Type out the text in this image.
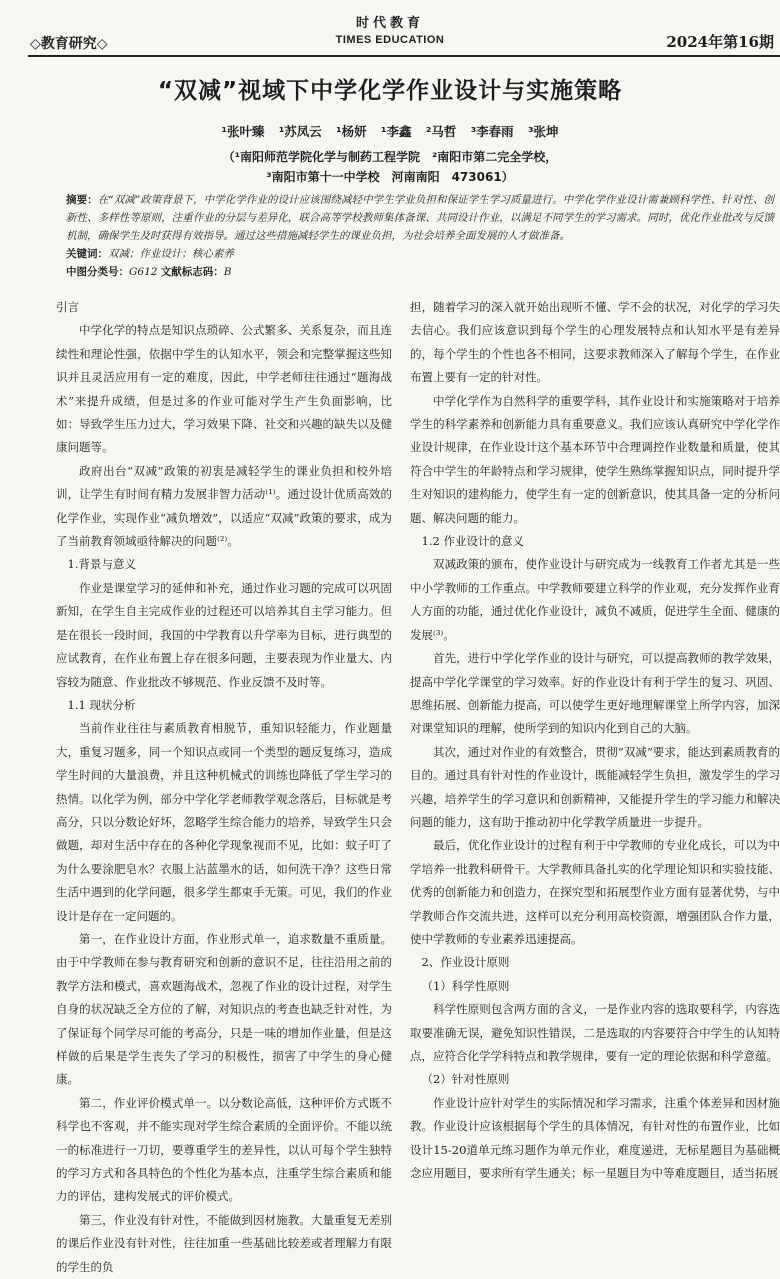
时代教育
TIMES EDUCATION
◇教育研究◇	2024年第16期
“双减”视域下中学化学作业设计与实施策略
¹张叶臻 ¹苏凤云 ¹杨妍 ¹李鑫 ²马哲 ³李春雨 ³张坤
（¹南阳师范学院化学与制药工程学院　²南阳市第二完全学校，
³南阳市第十一中学校　河南南阳　473061）
摘要：在“双减”政策背景下，中学化学作业的设计应该围绕减轻中学生学业负担和保证学生学习质量进行。中学化学作业设计需兼顾科学性、针对性、创新性、多样性等原则，注重作业的分层与差异化，联合高等学校教师集体备课、共同设计作业，以满足不同学生的学习需求。同时，优化作业批改与反馈机制，确保学生及时获得有效指导。通过这些措施减轻学生的课业负担，为社会培养全面发展的人才做准备。
关键词：双减；作业设计；核心素养
中图分类号：G612 文献标志码：B

引言

中学化学的特点是知识点琐碎、公式繁多、关系复杂，而且连续性和理论性强，依据中学生的认知水平，领会和完整掌握这些知识并且灵活应用有一定的难度，因此，中学老师往往通过“题海战术”来提升成绩，但是过多的作业可能对学生产生负面影响，比如：导致学生压力过大，学习效果下降、社交和兴趣的缺失以及健康问题等。

政府出台“双减”政策的初衷是减轻学生的课业负担和校外培训，让学生有时间有精力发展非智力活动⁽¹⁾。通过设计优质高效的化学作业，实现作业“减负增效”，以适应“双减”政策的要求，成为了当前教育领域亟待解决的问题⁽²⁾。

1.背景与意义

作业是课堂学习的延伸和补充，通过作业习题的完成可以巩固新知，在学生自主完成作业的过程还可以培养其自主学习能力。但是在很长一段时间，我国的中学教育以升学率为目标，进行典型的应试教育，在作业布置上存在很多问题，主要表现为作业量大、内容较为随意、作业批改不够规范、作业反馈不及时等。

1.1 现状分析

当前作业往往与素质教育相脱节，重知识轻能力，作业题量大，重复习题多，同一个知识点或同一个类型的题反复练习，造成学生时间的大量浪费，并且这种机械式的训练也降低了学生学习的热情。以化学为例，部分中学化学老师教学观念落后，目标就是考高分，只以分数论好坏，忽略学生综合能力的培养，导致学生只会做题，却对生活中存在的各种化学现象视而不见，比如：蚊子叮了为什么要涂肥皂水？衣服上沾蓝墨水的话，如何洗干净？这些日常生活中遇到的化学问题，很多学生都束手无策。可见，我们的作业设计是存在一定问题的。

第一，在作业设计方面，作业形式单一，追求数量不重质量。由于中学教师在参与教育研究和创新的意识不足，往往沿用之前的教学方法和模式，喜欢题海战术，忽视了作业的设计过程，对学生自身的状况缺乏全方位的了解，对知识点的考查也缺乏针对性，为了保证每个同学尽可能的考高分，只是一味的增加作业量，但是这样做的后果是学生丧失了学习的积极性，损害了中学生的身心健康。

第二，作业评价模式单一。以分数论高低，这种评价方式既不科学也不客观，并不能实现对学生综合素质的全面评价。不能以统一的标准进行一刀切，要尊重学生的差异性，以认可每个学生独特的学习方式和各具特色的个性化为基本点，注重学生综合素质和能力的评估，建构发展式的评价模式。

第三，作业没有针对性，不能做到因材施教。大量重复无差别的课后作业没有针对性，往往加重一些基础比较差或者理解力有限的学生的负

担，随着学习的深入就开始出现听不懂、学不会的状况，对化学的学习失去信心。我们应该意识到每个学生的心理发展特点和认知水平是有差异的，每个学生的个性也各不相同，这要求教师深入了解每个学生，在作业布置上要有一定的针对性。

中学化学作为自然科学的重要学科，其作业设计和实施策略对于培养学生的科学素养和创新能力具有重要意义。我们应该认真研究中学化学作业设计规律，在作业设计这个基本环节中合理调控作业数量和质量，使其符合中学生的年龄特点和学习规律，使学生熟练掌握知识点，同时提升学生对知识的建构能力，使学生有一定的创新意识，使其具备一定的分析问题、解决问题的能力。

1.2 作业设计的意义

双减政策的颁布，使作业设计与研究成为一线教育工作者尤其是一些中小学教师的工作重点。中学教师要建立科学的作业观，充分发挥作业育人方面的功能，通过优化作业设计，减负不减质，促进学生全面、健康的发展⁽³⁾。

首先，进行中学化学作业的设计与研究，可以提高教师的教学效果，提高中学化学课堂的学习效率。好的作业设计有利于学生的复习、巩固、思维拓展、创新能力提高，可以使学生更好地理解课堂上所学内容，加深对课堂知识的理解，使所学到的知识内化到自己的大脑。

其次，通过对作业的有效整合，贯彻“双减”要求，能达到素质教育的目的。通过具有针对性的作业设计，既能减轻学生负担，激发学生的学习兴趣，培养学生的学习意识和创新精神，又能提升学生的学习能力和解决问题的能力，这有助于推动初中化学教学质量进一步提升。

最后，优化作业设计的过程有利于中学教师的专业化成长，可以为中学培养一批教科研骨干。大学教师具备扎实的化学理论知识和实验技能、优秀的创新能力和创造力，在探究型和拓展型作业方面有显著优势，与中学教师合作交流共进，这样可以充分利用高校资源，增强团队合作力量，使中学教师的专业素养迅速提高。

2、作业设计原则

（1）科学性原则

科学性原则包含两方面的含义，一是作业内容的选取要科学，内容选取要准确无误，避免知识性错误，二是选取的内容要符合中学生的认知特点，应符合化学学科特点和教学规律，要有一定的理论依据和科学意蕴。

（2）针对性原则

作业设计应针对学生的实际情况和学习需求，注重个体差异和因材施教。作业设计应该根据每个学生的具体情况，有针对性的布置作业，比如设计15-20道单元练习题作为单元作业，难度递进，无标星题目为基础概念应用题目，要求所有学生通关；标一星题目为中等难度题目，适当拓展
